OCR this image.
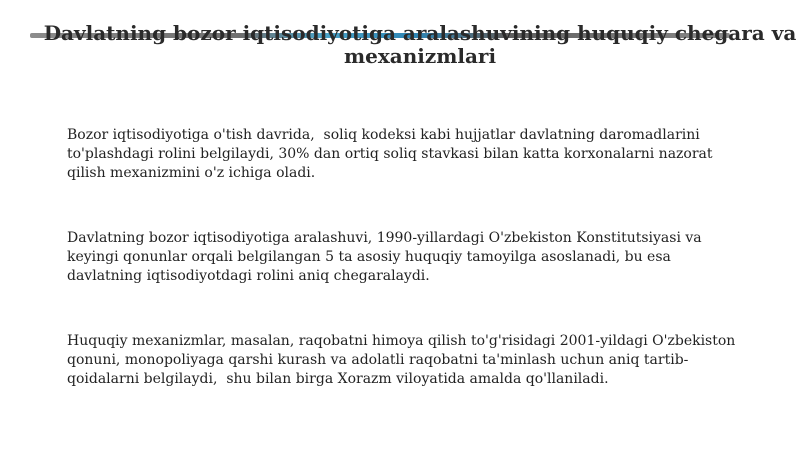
Davlatning bozor iqtisodiyotiga aralashuvining huquqiy chegara va mexanizmlari

Bozor iqtisodiyotiga o'tish davrida,  soliq kodeksi kabi hujjatlar davlatning daromadlarini to'plashdagi rolini belgilaydi, 30% dan ortiq soliq stavkasi bilan katta korxonalarni nazorat qilish mexanizmini o'z ichiga oladi.

Davlatning bozor iqtisodiyotiga aralashuvi, 1990-yillardagi O'zbekiston Konstitutsiyasi va keyingi qonunlar orqali belgilangan 5 ta asosiy huquqiy tamoyilga asoslanadi, bu esa davlatning iqtisodiyotdagi rolini aniq chegaralaydi.

Huquqiy mexanizmlar, masalan, raqobatni himoya qilish to'g'risidagi 2001-yildagi O'zbekiston qonuni, monopoliyaga qarshi kurash va adolatli raqobatni ta'minlash uchun aniq tartib-qoidalarni belgilaydi,  shu bilan birga Xorazm viloyatida amalda qo'llaniladi.
